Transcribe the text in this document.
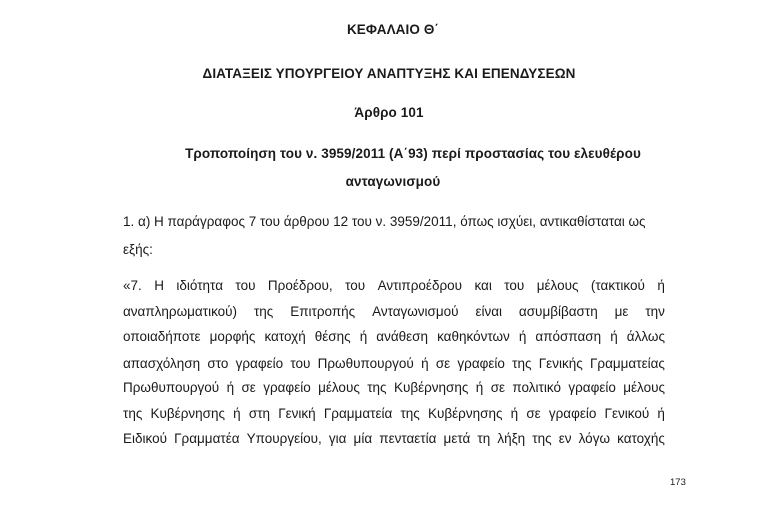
ΚΕΦΑΛΑΙΟ Θ΄

ΔΙΑΤΑΞΕΙΣ ΥΠΟΥΡΓΕΙΟΥ ΑΝΑΠΤΥΞΗΣ ΚΑΙ ΕΠΕΝΔΥΣΕΩΝ

Άρθρο 101

Τροποποίηση του ν. 3959/2011 (Α΄93) περί προστασίας του ελευθέρου

ανταγωνισμού

1. α) Η παράγραφος 7 του άρθρου 12 του ν. 3959/2011, όπως ισχύει, αντικαθίσταται ως
εξής:
«7. Η ιδιότητα του Προέδρου, του Αντιπροέδρου και του μέλους (τακτικού ή
αναπληρωματικού) της Επιτροπής Ανταγωνισμού είναι ασυμβίβαστη με την
οποιαδήποτε μορφής κατοχή θέσης ή ανάθεση καθηκόντων ή απόσπαση ή άλλως
απασχόληση στο γραφείο του Πρωθυπουργού ή σε γραφείο της Γενικής Γραμματείας
Πρωθυπουργού ή σε γραφείο μέλους της Κυβέρνησης ή σε πολιτικό γραφείο μέλους
της Κυβέρνησης ή στη Γενική Γραμματεία της Κυβέρνησης ή σε γραφείο Γενικού ή
Ειδικού Γραμματέα Υπουργείου, για μία πενταετία μετά τη λήξη της εν λόγω κατοχής

173
